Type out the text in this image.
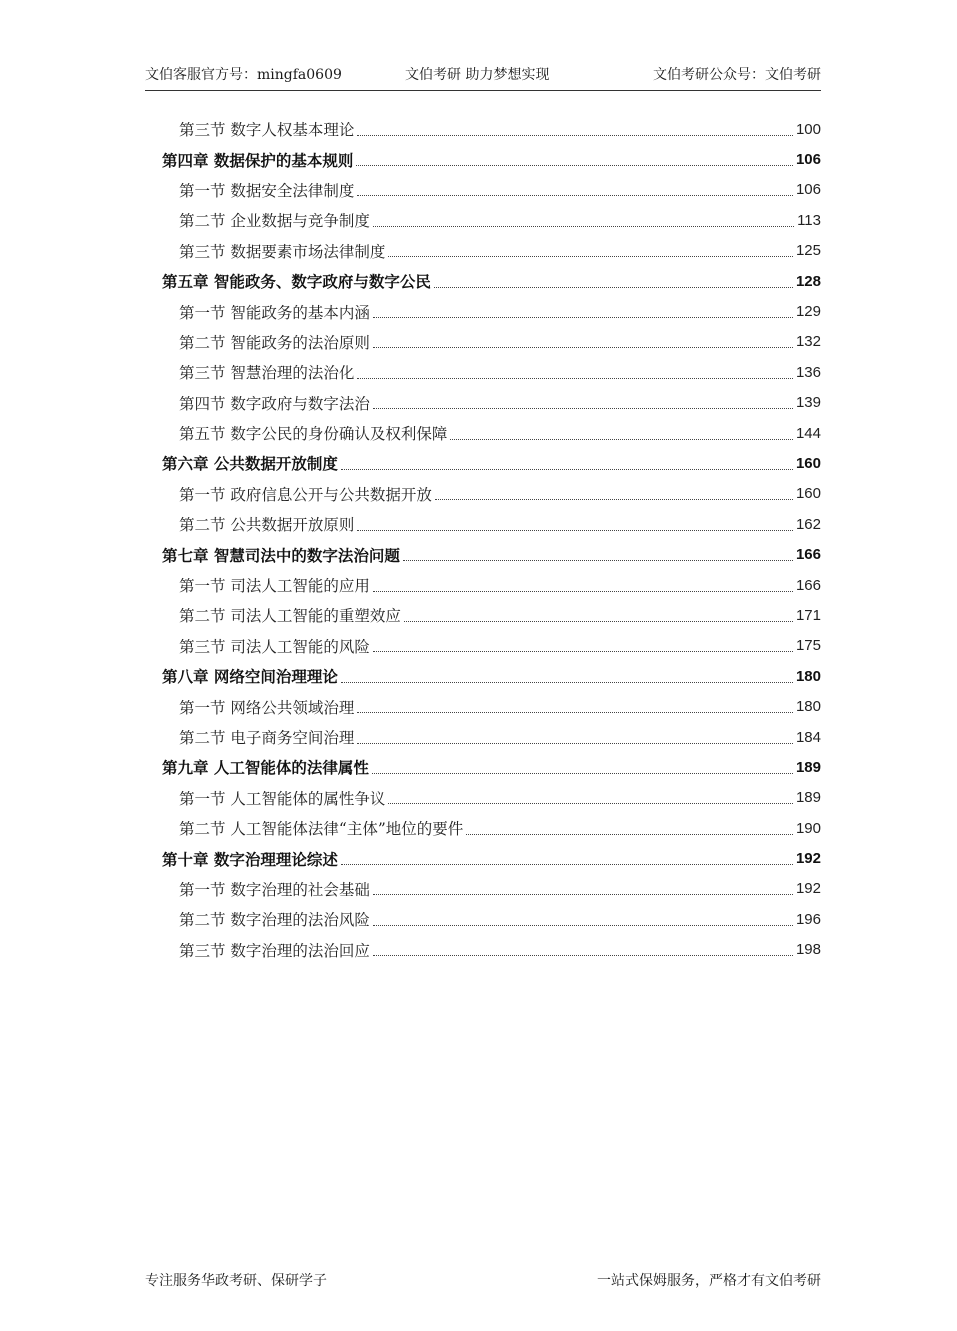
文伯客服官方号：mingfa0609	文伯考研 助力梦想实现	文伯考研公众号：文伯考研
第三节 数字人权基本理论	100
第四章 数据保护的基本规则	106
第一节 数据安全法律制度	106
第二节 企业数据与竞争制度	113
第三节 数据要素市场法律制度	125
第五章 智能政务、数字政府与数字公民	128
第一节 智能政务的基本内涵	129
第二节 智能政务的法治原则	132
第三节 智慧治理的法治化	136
第四节 数字政府与数字法治	139
第五节 数字公民的身份确认及权利保障	144
第六章 公共数据开放制度	160
第一节 政府信息公开与公共数据开放	160
第二节 公共数据开放原则	162
第七章 智慧司法中的数字法治问题	166
第一节 司法人工智能的应用	166
第二节 司法人工智能的重塑效应	171
第三节 司法人工智能的风险	175
第八章 网络空间治理理论	180
第一节 网络公共领域治理	180
第二节 电子商务空间治理	184
第九章 人工智能体的法律属性	189
第一节 人工智能体的属性争议	189
第二节 人工智能体法律“主体”地位的要件	190
第十章 数字治理理论综述	192
第一节 数字治理的社会基础	192
第二节 数字治理的法治风险	196
第三节 数字治理的法治回应	198
专注服务华政考研、保研学子	一站式保姆服务，严格才有文伯考研
